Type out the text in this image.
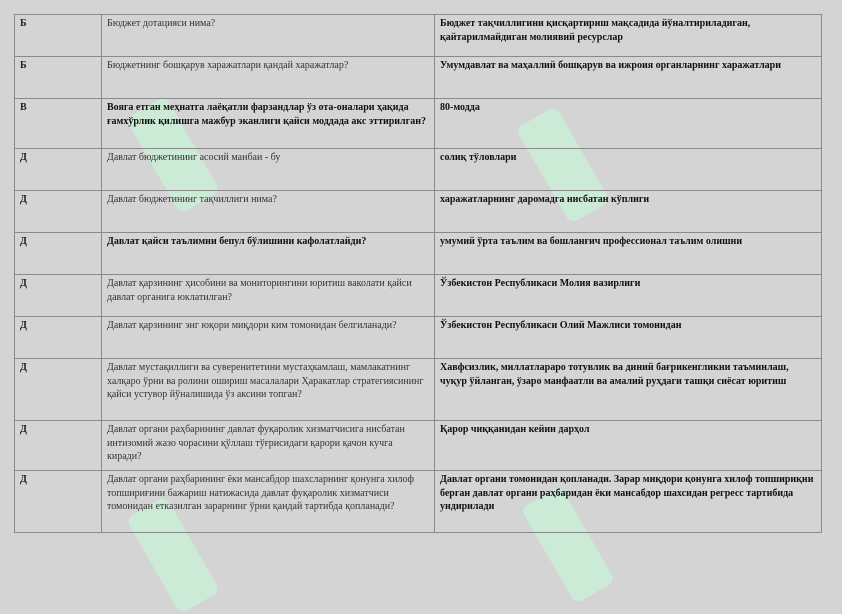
Б	Бюджет дотацияси нима?	Бюджет тақчиллигини қисқартириш мақсадида йўналтириладиган, қайтарилмайдиган молиявий ресурслар
Б	Бюджетнинг бошқарув харажатлари қандай харажатлар?	Умумдавлат ва маҳаллий бошқарув ва ижроия органларнинг харажатлари
В	Вояга етган меҳнатга лаёқатли фарзандлар ўз ота-оналари ҳақида ғамхўрлик қилишга мажбур эканлиги қайси моддада акс эттирилган?	80-модда
Д	Давлат бюджетининг асосий манбаи - бу	солиқ тўловлари
Д	Давлат бюджетининг тақчиллиги нима?	харажатларнинг даромадга нисбатан кўплиги
Д	Давлат қайси таълимни бепул бўлишини кафолатлайди?	умумий ўрта таълим ва бошланғич профессионал таълим олишни
Д	Давлат қарзининг ҳисобини ва мониторингини юритиш ваколати қайси давлат органига юклатилган?	Ўзбекистон Республикаси Молия вазирлиги
Д	Давлат қарзининг энг юқори миқдори ким томонидан белгиланади?	Ўзбекистон Республикаси Олий Мажлиси томонидан
Д	Давлат мустақиллиги ва суверенитетини мустаҳкамлаш, мамлакатнинг халқаро ўрни ва ролини ошириш масалалари Ҳаракатлар стратегиясининг қайси устувор йўналишида ўз аксини топган?	Хавфсизлик, миллатлараро тотувлик ва диний бағрикенгликни таъминлаш, чуқур ўйланган, ўзаро манфаатли ва амалий руҳдаги ташқи сиёсат юритиш
Д	Давлат органи раҳбарининг давлат фуқаролик хизматчисига нисбатан интизомий жазо чорасини қўллаш тўғрисидаги қарори қачон кучга киради?	Қарор чиққанидан кейин дарҳол
Д	Давлат органи раҳбарининг ёки мансабдор шахсларнинг қонунга хилоф топшириғини бажариш натижасида давлат фуқаролик хизматчиси томонидан етказилган зарарнинг ўрни қандай тартибда қопланади?	Давлат органи томонидан қопланади. Зарар миқдори қонунга хилоф топшириқни берган давлат органи раҳбаридан ёки мансабдор шахсидан регресс тартибида ундирилади
